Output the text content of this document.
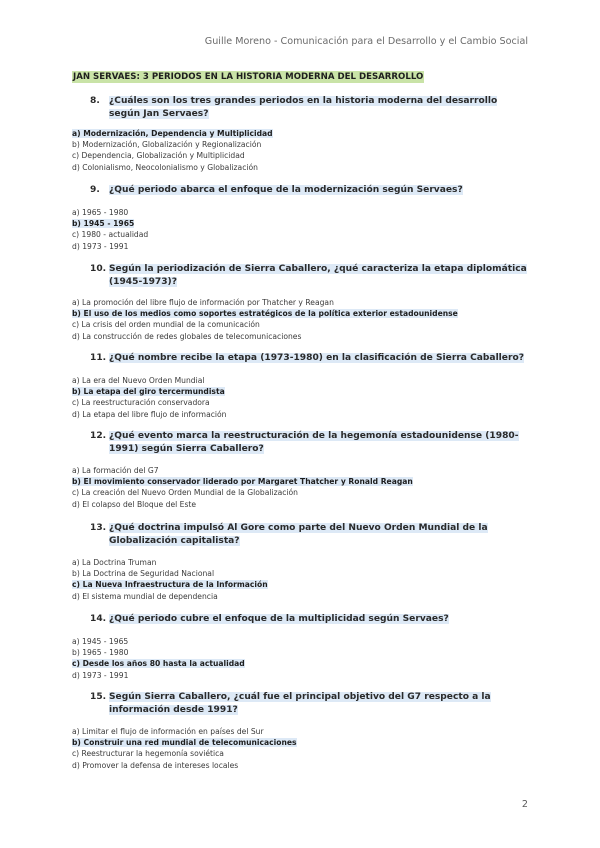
Guille Moreno - Comunicación para el Desarrollo y el Cambio Social
JAN SERVAES: 3 PERIODOS EN LA HISTORIA MODERNA DEL DESARROLLO
8.	¿Cuáles son los tres grandes periodos en la historia moderna del desarrollo según Jan Servaes?
a) Modernización, Dependencia y Multiplicidad
b) Modernización, Globalización y Regionalización
c) Dependencia, Globalización y Multiplicidad
d) Colonialismo, Neocolonialismo y Globalización
9.	¿Qué periodo abarca el enfoque de la modernización según Servaes?
a) 1965 - 1980
b) 1945 - 1965
c) 1980 - actualidad
d) 1973 - 1991
10. Según la periodización de Sierra Caballero, ¿qué caracteriza la etapa diplomática (1945-1973)?
a) La promoción del libre flujo de información por Thatcher y Reagan
b) El uso de los medios como soportes estratégicos de la política exterior estadounidense
c) La crisis del orden mundial de la comunicación
d) La construcción de redes globales de telecomunicaciones
11. ¿Qué nombre recibe la etapa (1973-1980) en la clasificación de Sierra Caballero?
a) La era del Nuevo Orden Mundial
b) La etapa del giro tercermundista
c) La reestructuración conservadora
d) La etapa del libre flujo de información
12. ¿Qué evento marca la reestructuración de la hegemonía estadounidense (1980-1991) según Sierra Caballero?
a) La formación del G7
b) El movimiento conservador liderado por Margaret Thatcher y Ronald Reagan
c) La creación del Nuevo Orden Mundial de la Globalización
d) El colapso del Bloque del Este
13. ¿Qué doctrina impulsó Al Gore como parte del Nuevo Orden Mundial de la Globalización capitalista?
a) La Doctrina Truman
b) La Doctrina de Seguridad Nacional
c) La Nueva Infraestructura de la Información
d) El sistema mundial de dependencia
14. ¿Qué periodo cubre el enfoque de la multiplicidad según Servaes?
a) 1945 - 1965
b) 1965 - 1980
c) Desde los años 80 hasta la actualidad
d) 1973 - 1991
15. Según Sierra Caballero, ¿cuál fue el principal objetivo del G7 respecto a la información desde 1991?
a) Limitar el flujo de información en países del Sur
b) Construir una red mundial de telecomunicaciones
c) Reestructurar la hegemonía soviética
d) Promover la defensa de intereses locales
2
